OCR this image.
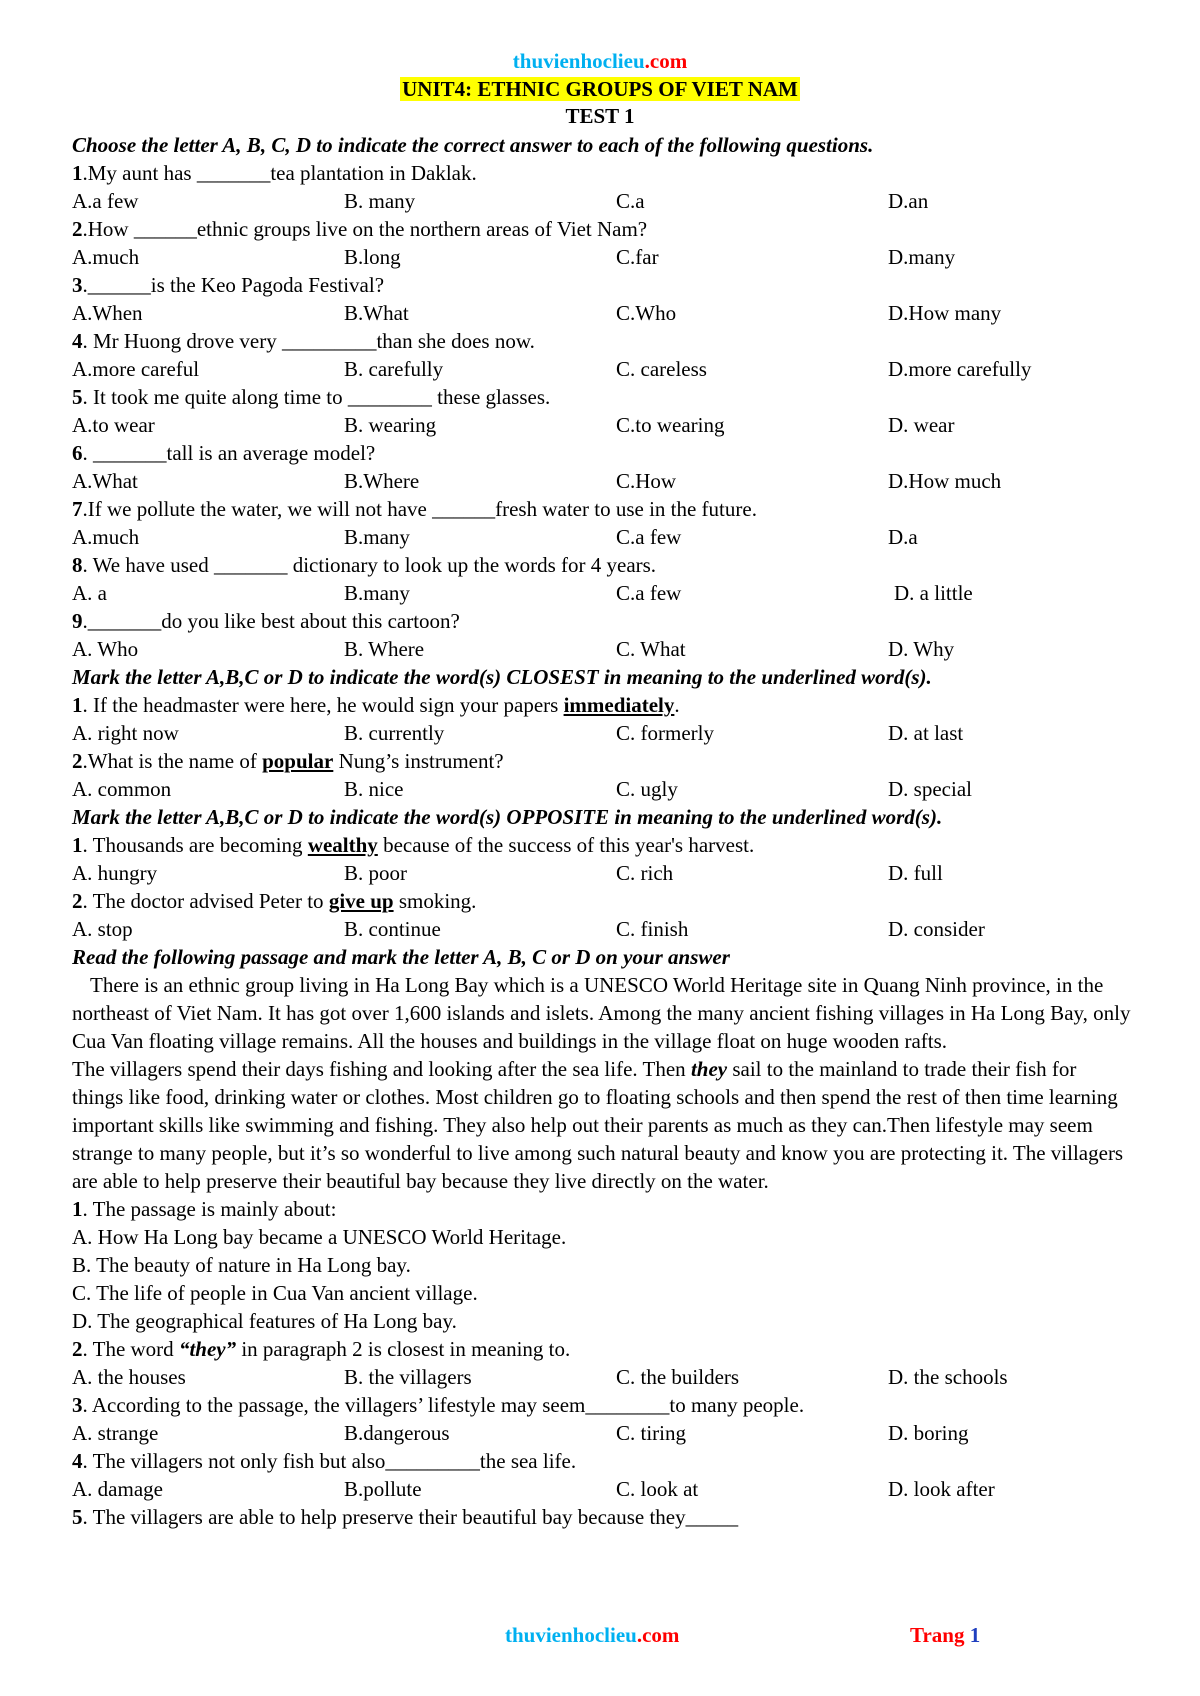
thuvienhoclieu.com
UNIT4: ETHNIC GROUPS OF VIET NAM
TEST 1
Choose the letter A, B, C, D to indicate the correct answer to each of the following questions.
1.My aunt has _______tea plantation in Daklak.
A.a few	B. many	C.a	D.an
2.How ______ethnic groups live on the northern areas of Viet Nam?
A.much	B.long	C.far	D.many
3.______is the Keo Pagoda Festival?
A.When	B.What	C.Who	D.How many
4. Mr Huong drove very _________than she does now.
A.more careful	B. carefully	C. careless	D.more carefully
5. It took me quite along time to ________ these glasses.
A.to wear	B. wearing	C.to wearing	D. wear
6. _______tall is an average model?
A.What	B.Where	C.How	D.How much
7.If we pollute the water, we will not have ______fresh water to use in the future.
A.much	B.many	C.a few	D.a
8. We have used _______ dictionary to look up the words for 4 years.
A. a	B.many	C.a few	D. a little
9._______do you like best about this cartoon?
A. Who	B. Where	C. What	D. Why
Mark the letter A,B,C or D to indicate the word(s) CLOSEST in meaning to the underlined word(s).
1. If the headmaster were here, he would sign your papers immediately.
A. right now	B. currently	C. formerly	D. at last
2.What is the name of popular Nung’s instrument?
A. common	B. nice	C. ugly	D. special
Mark the letter A,B,C or D to indicate the word(s) OPPOSITE in meaning to the underlined word(s).
1. Thousands are becoming wealthy because of the success of this year's harvest.
A. hungry	B. poor	C. rich	D. full
2. The doctor advised Peter to give up smoking.
A. stop	B. continue	C. finish	D. consider
Read the following passage and mark the letter A, B, C or D on your answer
There is an ethnic group living in Ha Long Bay which is a UNESCO World Heritage site in Quang Ninh province, in the northeast of Viet Nam. It has got over 1,600 islands and islets. Among the many ancient fishing villages in Ha Long Bay, only Cua Van floating village remains. All the houses and buildings in the village float on huge wooden rafts.
The villagers spend their days fishing and looking after the sea life. Then they sail to the mainland to trade their fish for things like food, drinking water or clothes. Most children go to floating schools and then spend the rest of then time learning important skills like swimming and fishing. They also help out their parents as much as they can.Then lifestyle may seem strange to many people, but it’s so wonderful to live among such natural beauty and know you are protecting it. The villagers are able to help preserve their beautiful bay because they live directly on the water.
1. The passage is mainly about:
A. How Ha Long bay became a UNESCO World Heritage.
B. The beauty of nature in Ha Long bay.
C. The life of people in Cua Van ancient village.
D. The geographical features of Ha Long bay.
2. The word “they” in paragraph 2 is closest in meaning to.
A. the houses	B. the villagers	C. the builders	D. the schools
3. According to the passage, the villagers’ lifestyle may seem________to many people.
A. strange	B.dangerous	C. tiring	D. boring
4. The villagers not only fish but also_________the sea life.
A. damage	B.pollute	C. look at	D. look after
5. The villagers are able to help preserve their beautiful bay because they_____
thuvienhoclieu.com	Trang 1
